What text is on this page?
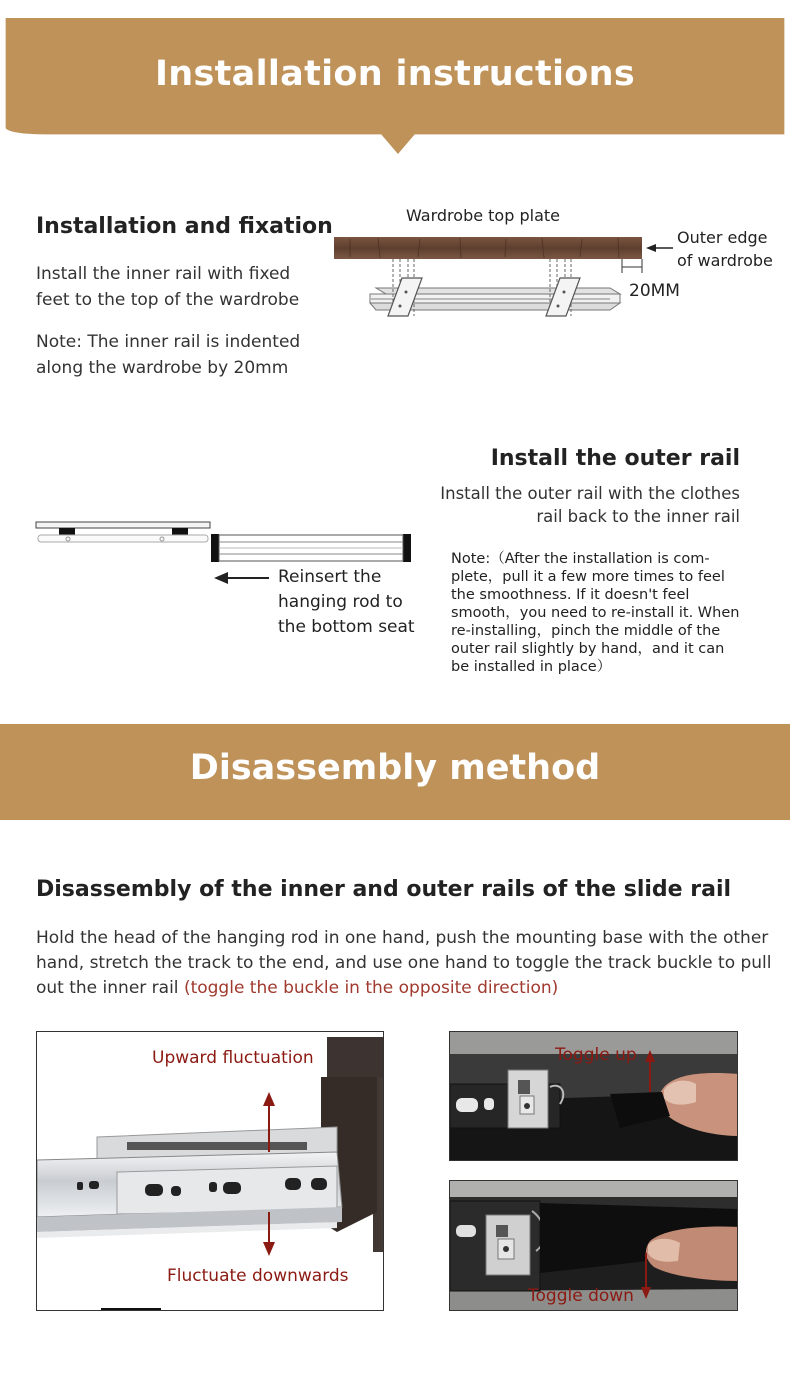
Installation instructions
Installation and fixation
Install the inner rail with fixed feet to the top of the wardrobe
Note: The inner rail is indented along the wardrobe by 20mm
Wardrobe top plate
Outer edge of wardrobe
20MM
Install the outer rail
Install the outer rail with the clothes rail back to the inner rail
Note:（After the installation is com-plete，pull it a few more times to feel the smoothness. If it doesn't feel smooth，you need to re-install it. When re-installing，pinch the middle of the outer rail slightly by hand，and it can be installed in place）
Reinsert the hanging rod to the bottom seat
Disassembly method
Disassembly of the inner and outer rails of the slide rail
Hold the head of the hanging rod in one hand, push the mounting base with the other hand, stretch the track to the end, and use one hand to toggle the track buckle to pull out the inner rail (toggle the buckle in the opposite direction)
Upward fluctuation
Fluctuate downwards
Toggle up
Toggle down
